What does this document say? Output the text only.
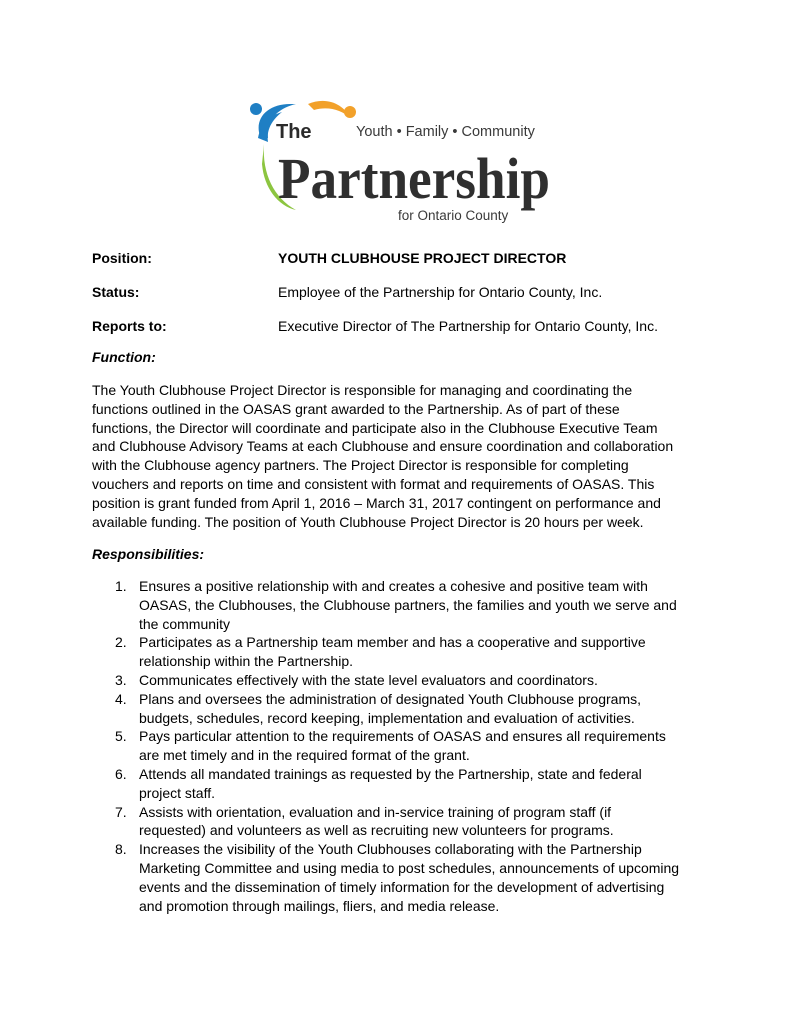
The	Youth • Family • Community
Partnership
for Ontario County
Position:	YOUTH CLUBHOUSE PROJECT DIRECTOR
Status:	Employee of the Partnership for Ontario County, Inc.
Reports to:	Executive Director of The Partnership for Ontario County, Inc.
Function:
The Youth Clubhouse Project Director is responsible for managing and coordinating the
functions outlined in the OASAS grant awarded to the Partnership. As of part of these
functions, the Director will coordinate and participate also in the Clubhouse Executive Team
and Clubhouse Advisory Teams at each Clubhouse and ensure coordination and collaboration
with the Clubhouse agency partners. The Project Director is responsible for completing
vouchers and reports on time and consistent with format and requirements of OASAS. This
position is grant funded from April 1, 2016 – March 31, 2017 contingent on performance and
available funding. The position of Youth Clubhouse Project Director is 20 hours per week.
Responsibilities:
1. Ensures a positive relationship with and creates a cohesive and positive team with
OASAS, the Clubhouses, the Clubhouse partners, the families and youth we serve and
the community
2. Participates as a Partnership team member and has a cooperative and supportive
relationship within the Partnership.
3. Communicates effectively with the state level evaluators and coordinators.
4. Plans and oversees the administration of designated Youth Clubhouse programs,
budgets, schedules, record keeping, implementation and evaluation of activities.
5. Pays particular attention to the requirements of OASAS and ensures all requirements
are met timely and in the required format of the grant.
6. Attends all mandated trainings as requested by the Partnership, state and federal
project staff.
7. Assists with orientation, evaluation and in-service training of program staff (if
requested) and volunteers as well as recruiting new volunteers for programs.
8. Increases the visibility of the Youth Clubhouses collaborating with the Partnership
Marketing Committee and using media to post schedules, announcements of upcoming
events and the dissemination of timely information for the development of advertising
and promotion through mailings, fliers, and media release.
